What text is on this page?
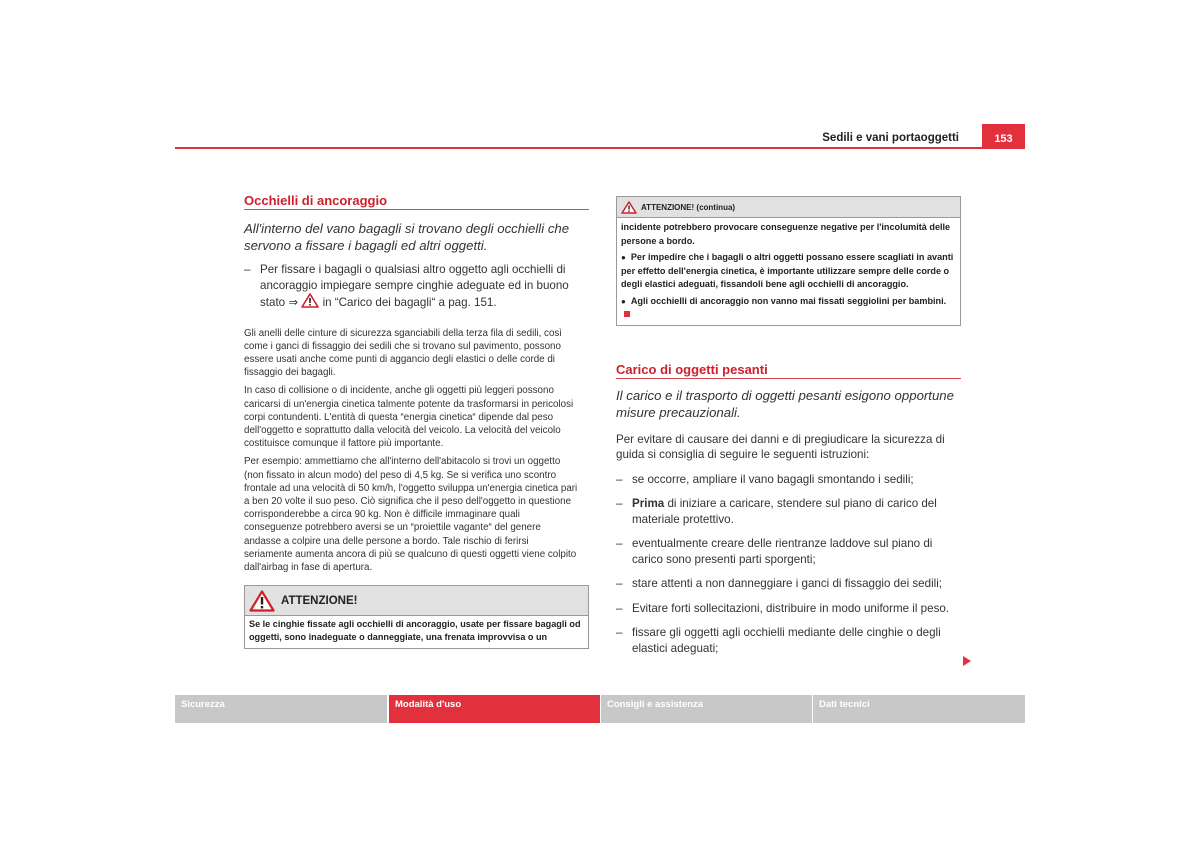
Sedili e vani portaoggetti	153
Occhielli di ancoraggio

All'interno del vano bagagli si trovano degli occhielli che servono a fissare i bagagli ed altri oggetti.

– Per fissare i bagagli o qualsiasi altro oggetto agli occhielli di ancoraggio impiegare sempre cinghie adeguate ed in buono stato ⇒ in “Carico dei bagagli“ a pag. 151.

Gli anelli delle cinture di sicurezza sganciabili della terza fila di sedili, così come i ganci di fissaggio dei sedili che si trovano sul pavimento, possono essere usati anche come punti di aggancio degli elastici o delle corde di fissaggio dei bagagli.

In caso di collisione o di incidente, anche gli oggetti più leggeri possono caricarsi di un'energia cinetica talmente potente da trasformarsi in pericolosi corpi contundenti. L'entità di questa “energia cinetica“ dipende dal peso dell'oggetto e soprattutto dalla velocità del veicolo. La velocità del veicolo costituisce comunque il fattore più importante.

Per esempio: ammettiamo che all'interno dell'abitacolo si trovi un oggetto (non fissato in alcun modo) del peso di 4,5 kg. Se si verifica uno scontro frontale ad una velocità di 50 km/h, l'oggetto sviluppa un'energia cinetica pari a ben 20 volte il suo peso. Ciò significa che il peso dell'oggetto in questione corrisponderebbe a circa 90 kg. Non è difficile immaginare quali conseguenze potrebbero aversi se un “proiettile vagante“ del genere andasse a colpire una delle persone a bordo. Tale rischio di ferirsi seriamente aumenta ancora di più se qualcuno di questi oggetti viene colpito dall'airbag in fase di apertura.

ATTENZIONE!
Se le cinghie fissate agli occhielli di ancoraggio, usate per fissare bagagli od oggetti, sono inadeguate o danneggiate, una frenata improvvisa o un
ATTENZIONE! (continua)

incidente potrebbero provocare conseguenze negative per l'incolumità delle persone a bordo.

● Per impedire che i bagagli o altri oggetti possano essere scagliati in avanti per effetto dell'energia cinetica, è importante utilizzare sempre delle corde o degli elastici adeguati, fissandoli bene agli occhielli di ancoraggio.

● Agli occhielli di ancoraggio non vanno mai fissati seggiolini per bambini.

Carico di oggetti pesanti

Il carico e il trasporto di oggetti pesanti esigono opportune misure precauzionali.

Per evitare di causare dei danni e di pregiudicare la sicurezza di guida si consiglia di seguire le seguenti istruzioni:

– se occorre, ampliare il vano bagagli smontando i sedili;
– Prima di iniziare a caricare, stendere sul piano di carico del materiale protettivo.
– eventualmente creare delle rientranze laddove sul piano di carico sono presenti parti sporgenti;
– stare attenti a non danneggiare i ganci di fissaggio dei sedili;
– Evitare forti sollecitazioni, distribuire in modo uniforme il peso.
– fissare gli oggetti agli occhielli mediante delle cinghie o degli elastici adeguati;
Sicurezza	Modalità d'uso	Consigli e assistenza	Dati tecnici
